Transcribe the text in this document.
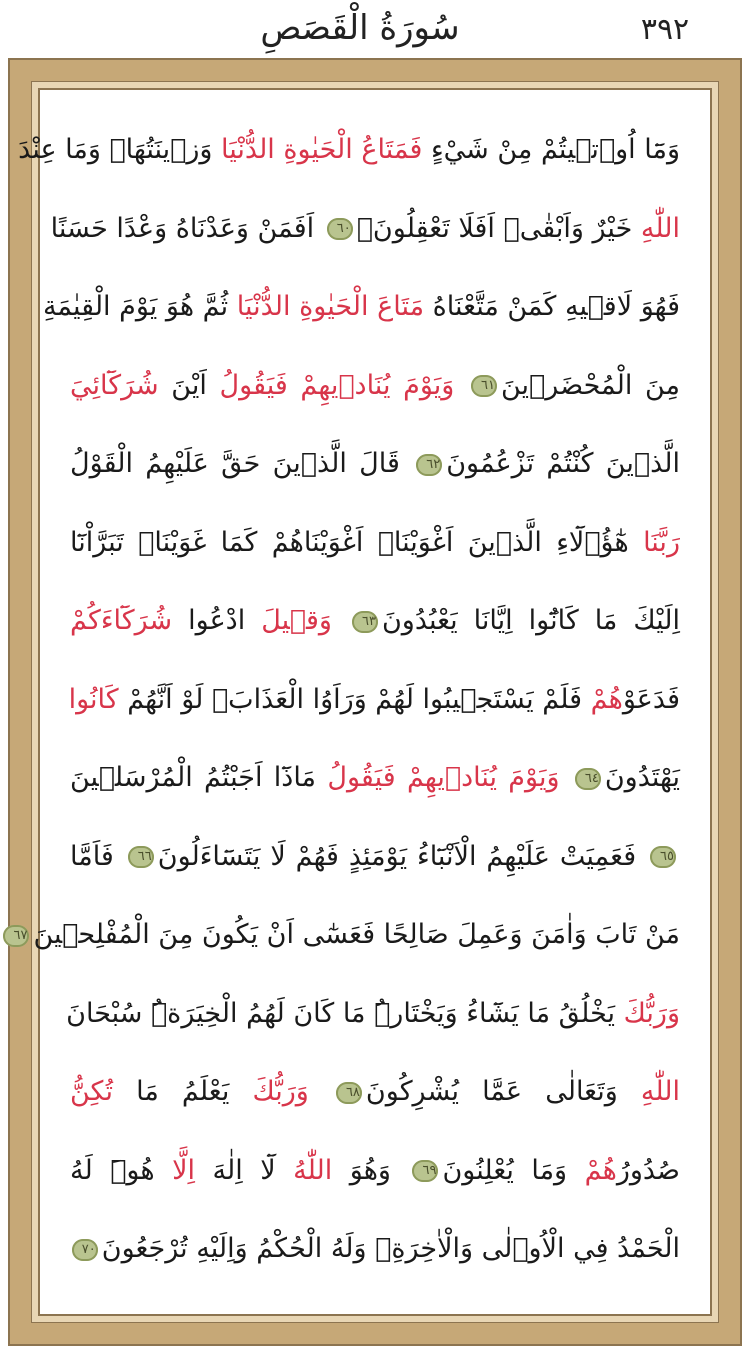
سُورَةُ الْقَصَصِ	٣٩٢
وَمَٓا اُو۫تٖيتُمْ مِنْ شَيْءٍ فَمَتَاعُ الْحَيٰوةِ الدُّنْيَا وَزٖينَتُهَاۚ وَمَا عِنْدَ
اللّٰهِ خَيْرٌ وَاَبْقٰىۜ اَفَلَا تَعْقِلُونَ۟٦٠ اَفَمَنْ وَعَدْنَاهُ وَعْدًا حَسَنًا
فَهُوَ لَاقٖيهِ كَمَنْ مَتَّعْنَاهُ مَتَاعَ الْحَيٰوةِ الدُّنْيَا ثُمَّ هُوَ يَوْمَ الْقِيٰمَةِ
مِنَ الْمُحْضَرٖينَ٦١ وَيَوْمَ يُنَادٖيهِمْ فَيَقُولُ اَيْنَ شُرَكَٓائِيَ
الَّذٖينَ كُنْتُمْ تَزْعُمُونَ٦٢ قَالَ الَّذٖينَ حَقَّ عَلَيْهِمُ الْقَوْلُ
رَبَّنَا هٰٓؤُ۬لَٓاءِ الَّذٖينَ اَغْوَيْنَاۚ اَغْوَيْنَاهُمْ كَمَا غَوَيْنَاۚ تَبَرَّاْنَٓا
اِلَيْكَ مَا كَانُٓوا اِيَّانَا يَعْبُدُونَ٦٣ وَقٖيلَ ادْعُوا شُرَكَٓاءَكُمْ
فَدَعَوْهُمْ فَلَمْ يَسْتَجٖيبُوا لَهُمْ وَرَاَوُا الْعَذَابَۚ لَوْ اَنَّهُمْ كَانُوا
يَهْتَدُونَ٦٤ وَيَوْمَ يُنَادٖيهِمْ فَيَقُولُ مَاذَٓا اَجَبْتُمُ الْمُرْسَلٖينَ
٦٥ فَعَمِيَتْ عَلَيْهِمُ الْاَنْبَٓاءُ يَوْمَئِذٍ فَهُمْ لَا يَتَسَٓاءَلُونَ٦٦ فَاَمَّا
مَنْ تَابَ وَاٰمَنَ وَعَمِلَ صَالِحًا فَعَسٰٓى اَنْ يَكُونَ مِنَ الْمُفْلِحٖينَ٦٧
وَرَبُّكَ يَخْلُقُ مَا يَشَٓاءُ وَيَخْتَارُۜ مَا كَانَ لَهُمُ الْخِيَرَةُۜ سُبْحَانَ
اللّٰهِ وَتَعَالٰى عَمَّا يُشْرِكُونَ٦٨ وَرَبُّكَ يَعْلَمُ مَا تُكِنُّ
صُدُورُهُمْ وَمَا يُعْلِنُونَ٦٩ وَهُوَ اللّٰهُ لَٓا اِلٰهَ اِلَّا هُوَۜ لَهُ
الْحَمْدُ فِي الْاُو۫لٰى وَالْاٰخِرَةِۘ وَلَهُ الْحُكْمُ وَاِلَيْهِ تُرْجَعُونَ٧٠
